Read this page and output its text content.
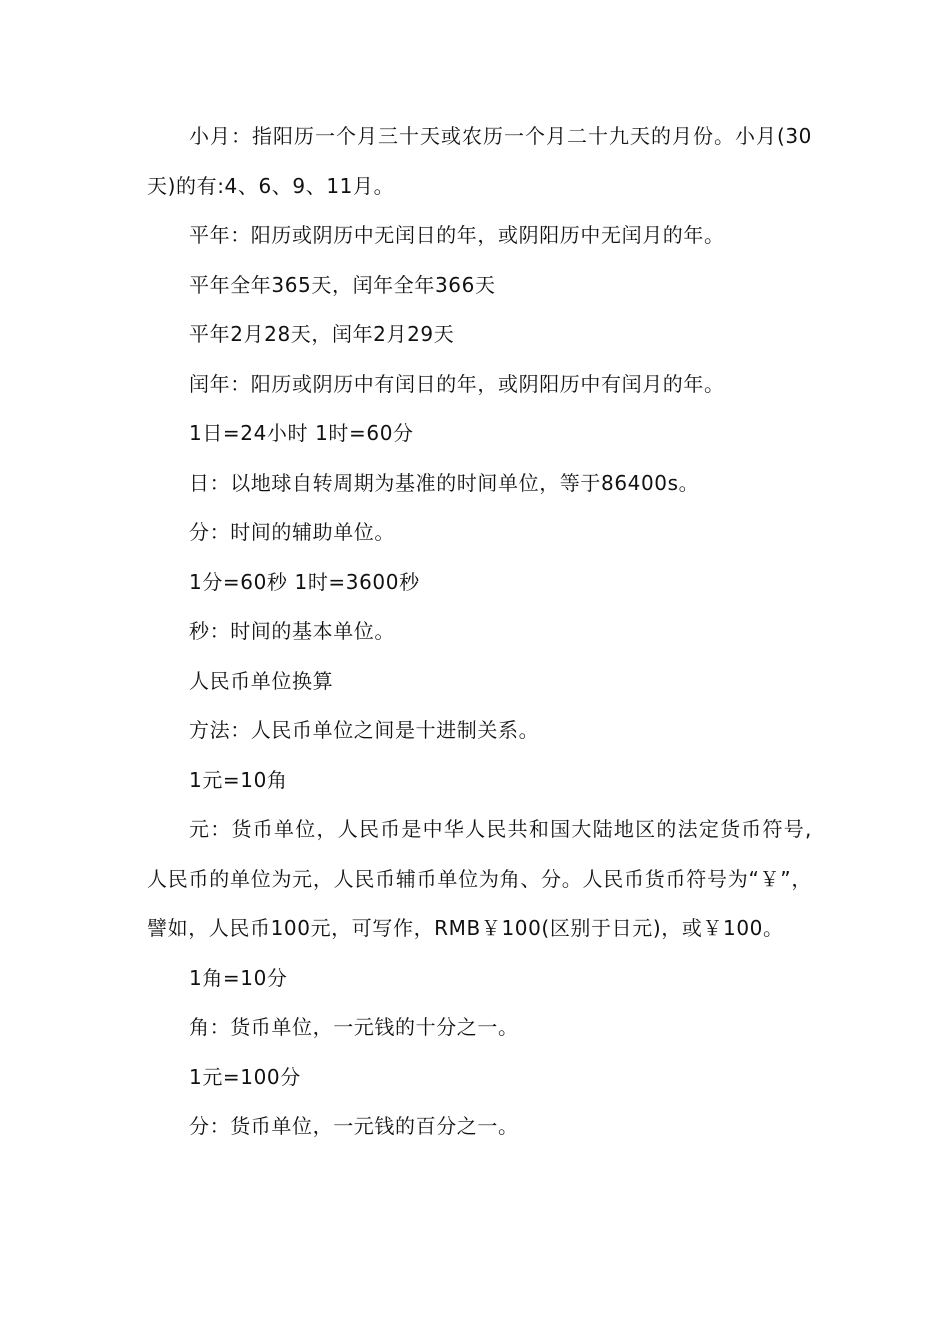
小月：指阳历一个月三十天或农历一个月二十九天的月份。小月(30天)的有:4、6、9、11月。

平年：阳历或阴历中无闰日的年，或阴阳历中无闰月的年。

平年全年365天，闰年全年366天

平年2月28天，闰年2月29天

闰年：阳历或阴历中有闰日的年，或阴阳历中有闰月的年。

1日=24小时 1时=60分

日：以地球自转周期为基准的时间单位，等于86400s。

分：时间的辅助单位。

1分=60秒 1时=3600秒

秒：时间的基本单位。

人民币单位换算

方法：人民币单位之间是十进制关系。

1元=10角

元：货币单位，人民币是中华人民共和国大陆地区的法定货币符号,人民币的单位为元，人民币辅币单位为角、分。人民币货币符号为“￥”，譬如，人民币100元，可写作，RMB￥100(区别于日元)，或￥100。

1角=10分

角：货币单位，一元钱的十分之一。

1元=100分

分：货币单位，一元钱的百分之一。
